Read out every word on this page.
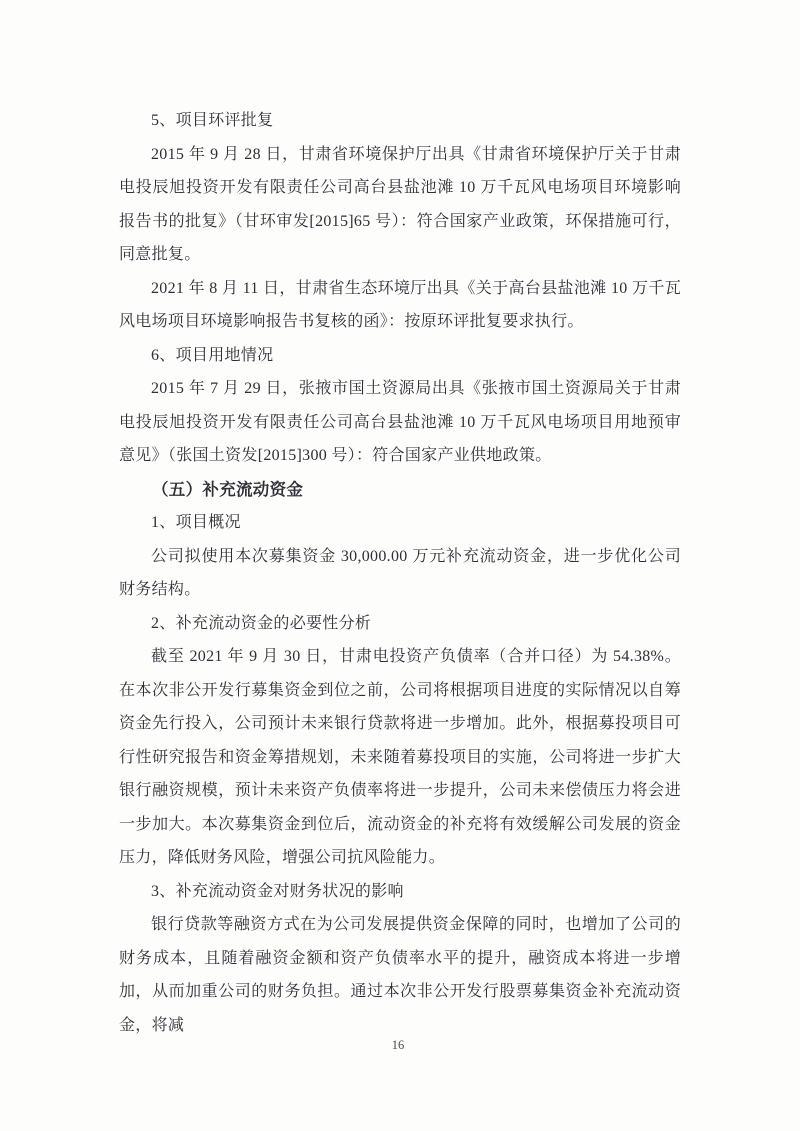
5、项目环评批复

2015 年 9 月 28 日，甘肃省环境保护厅出具《甘肃省环境保护厅关于甘肃电投辰旭投资开发有限责任公司高台县盐池滩 10 万千瓦风电场项目环境影响报告书的批复》（甘环审发[2015]65 号）：符合国家产业政策，环保措施可行，同意批复。

2021 年 8 月 11 日，甘肃省生态环境厅出具《关于高台县盐池滩 10 万千瓦风电场项目环境影响报告书复核的函》：按原环评批复要求执行。

6、项目用地情况

2015 年 7 月 29 日，张掖市国土资源局出具《张掖市国土资源局关于甘肃电投辰旭投资开发有限责任公司高台县盐池滩 10 万千瓦风电场项目用地预审意见》（张国土资发[2015]300 号）：符合国家产业供地政策。

（五）补充流动资金

1、项目概况

公司拟使用本次募集资金 30,000.00 万元补充流动资金，进一步优化公司财务结构。

2、补充流动资金的必要性分析

截至 2021 年 9 月 30 日，甘肃电投资产负债率（合并口径）为 54.38%。在本次非公开发行募集资金到位之前，公司将根据项目进度的实际情况以自筹资金先行投入，公司预计未来银行贷款将进一步增加。此外，根据募投项目可行性研究报告和资金筹措规划，未来随着募投项目的实施，公司将进一步扩大银行融资规模，预计未来资产负债率将进一步提升，公司未来偿债压力将会进一步加大。本次募集资金到位后，流动资金的补充将有效缓解公司发展的资金压力，降低财务风险，增强公司抗风险能力。

3、补充流动资金对财务状况的影响

银行贷款等融资方式在为公司发展提供资金保障的同时，也增加了公司的财务成本，且随着融资金额和资产负债率水平的提升，融资成本将进一步增加，从而加重公司的财务负担。通过本次非公开发行股票募集资金补充流动资金，将减

16
